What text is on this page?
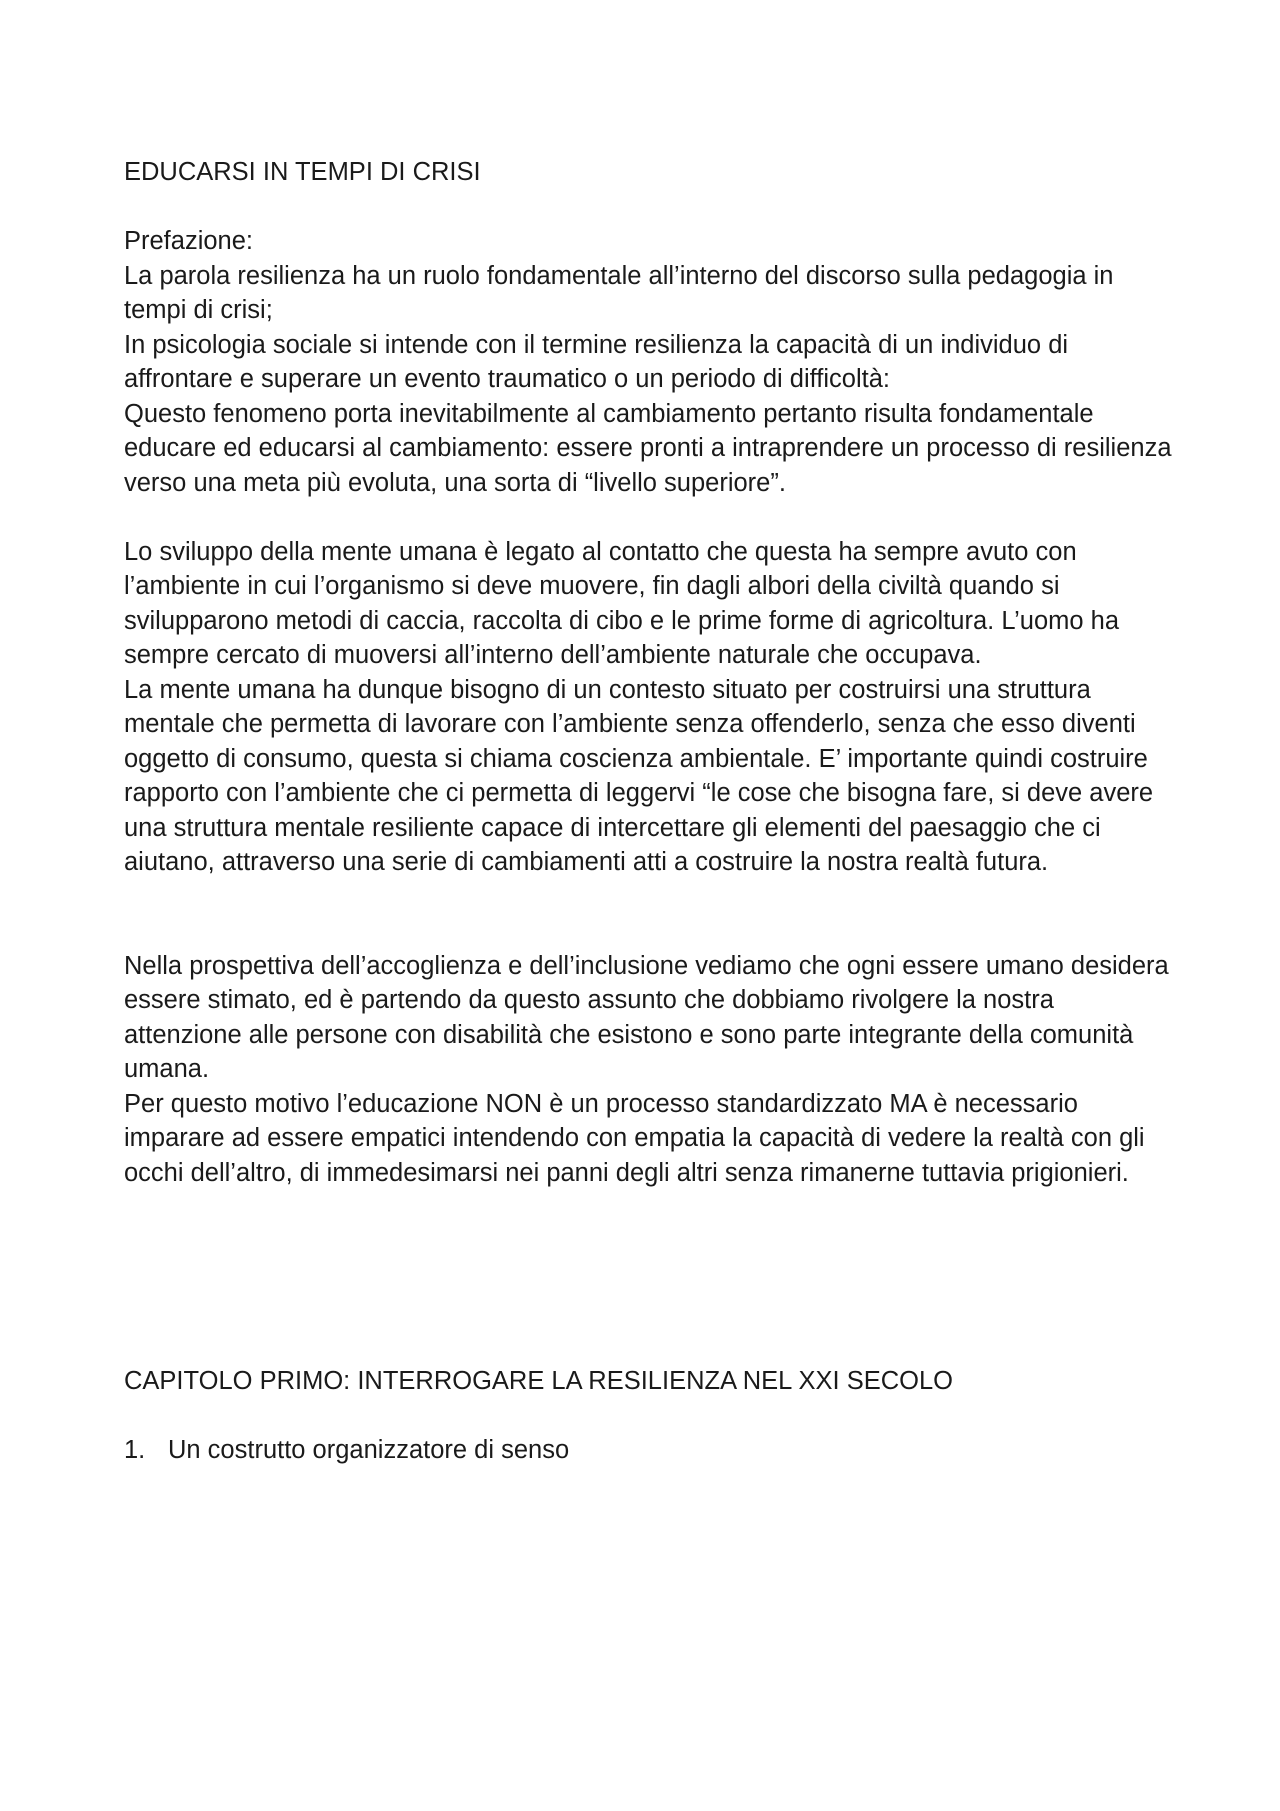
EDUCARSI IN TEMPI DI CRISI

Prefazione:

La parola resilienza ha un ruolo fondamentale all’interno del discorso sulla pedagogia in tempi di crisi;

In psicologia sociale si intende con il termine resilienza la capacità di un individuo di affrontare e superare un evento traumatico o un periodo di difficoltà:

Questo fenomeno porta inevitabilmente al cambiamento pertanto risulta fondamentale educare ed educarsi al cambiamento: essere pronti a intraprendere un processo di resilienza verso una meta più evoluta, una sorta di “livello superiore”.

Lo sviluppo della mente umana è legato al contatto che questa ha sempre avuto con l’ambiente in cui l’organismo si deve muovere, fin dagli albori della civiltà quando si svilupparono metodi di caccia, raccolta di cibo e le prime forme di agricoltura. L’uomo ha sempre cercato di muoversi all’interno dell’ambiente naturale che occupava.

La mente umana ha dunque bisogno di un contesto situato per costruirsi una struttura mentale che permetta di lavorare con l’ambiente senza offenderlo, senza che esso diventi oggetto di consumo, questa si chiama coscienza ambientale. E’ importante quindi costruire rapporto con l’ambiente che ci permetta di leggervi “le cose che bisogna fare, si deve avere una struttura mentale resiliente capace di intercettare gli elementi del paesaggio che ci aiutano, attraverso una serie di cambiamenti atti a costruire la nostra realtà futura.

Nella prospettiva dell’accoglienza e dell’inclusione vediamo che ogni essere umano desidera essere stimato, ed è partendo da questo assunto che dobbiamo rivolgere la nostra attenzione alle persone con disabilità che esistono e sono parte integrante della comunità umana.

Per questo motivo l’educazione NON è un processo standardizzato MA è necessario imparare ad essere empatici intendendo con empatia la capacità di vedere la realtà con gli occhi dell’altro, di immedesimarsi nei panni degli altri senza rimanerne tuttavia prigionieri.

CAPITOLO PRIMO: INTERROGARE LA RESILIENZA NEL XXI SECOLO
1. Un costrutto organizzatore di senso
